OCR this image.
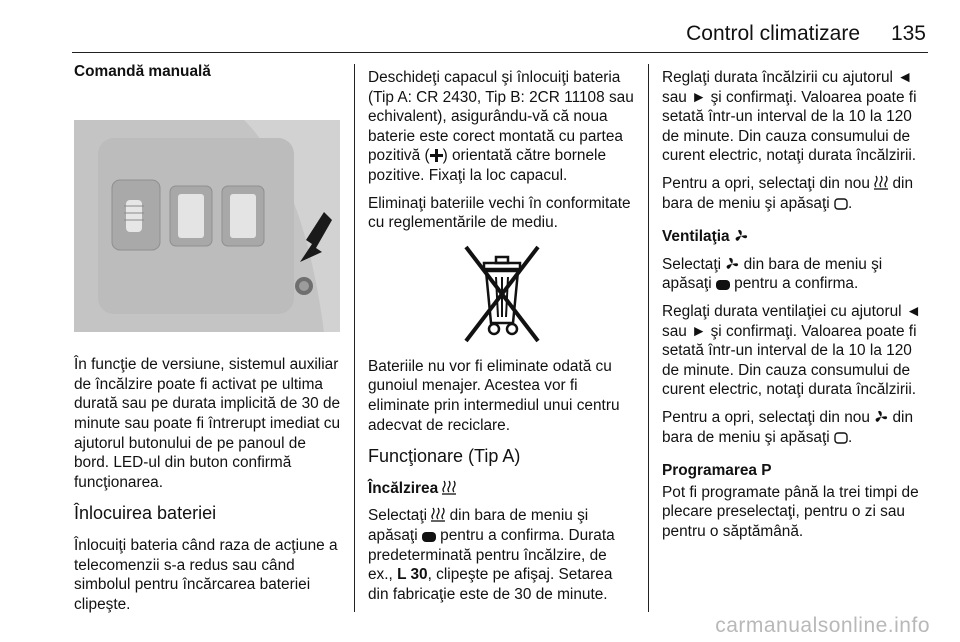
Control climatizare	135
Comandă manuală

În funcţie de versiune, sistemul auxiliar de încălzire poate fi activat pe ultima durată sau pe durata implicită de 30 de minute sau poate fi întrerupt imediat cu ajutorul butonului de pe panoul de bord. LED-ul din buton confirmă funcţionarea.

Înlocuirea bateriei

Înlocuiţi bateria când raza de acţiune a telecomenzii s-a redus sau când simbolul pentru încărcarea bateriei clipeşte.

Deschideţi capacul şi înlocuiţi bateria (Tip A: CR 2430, Tip B: 2CR 11108 sau echivalent), asigurându-vă că noua baterie este corect montată cu partea pozitivă ( ) orientată către bornele pozitive. Fixaţi la loc capacul.

Eliminaţi bateriile vechi în conformitate cu reglementările de mediu.

Bateriile nu vor fi eliminate odată cu gunoiul menajer. Acestea vor fi eliminate prin intermediul unui centru adecvat de reciclare.

Funcţionare (Tip A)
Încălzirea

Selectaţi  din bara de meniu şi apăsaţi  pentru a confirma. Durata predeterminată pentru încălzire, de ex., L 30, clipeşte pe afişaj. Setarea din fabricaţie este de 30 de minute.

Reglaţi durata încălzirii cu ajutorul ◄ sau ► şi confirmaţi. Valoarea poate fi setată într-un interval de la 10 la 120 de minute. Din cauza consumului de curent electric, notaţi durata încălzirii.

Pentru a opri, selectaţi din nou  din bara de meniu şi apăsaţi .

Ventilaţia

Selectaţi  din bara de meniu şi apăsaţi  pentru a confirma.

Reglaţi durata ventilaţiei cu ajutorul ◄ sau ► şi confirmaţi. Valoarea poate fi setată într-un interval de la 10 la 120 de minute. Din cauza consumului de curent electric, notaţi durata încălzirii.

Pentru a opri, selectaţi din nou  din bara de meniu şi apăsaţi .

Programarea P

Pot fi programate până la trei timpi de plecare preselectaţi, pentru o zi sau pentru o săptămână.

carmanualsonline.info
